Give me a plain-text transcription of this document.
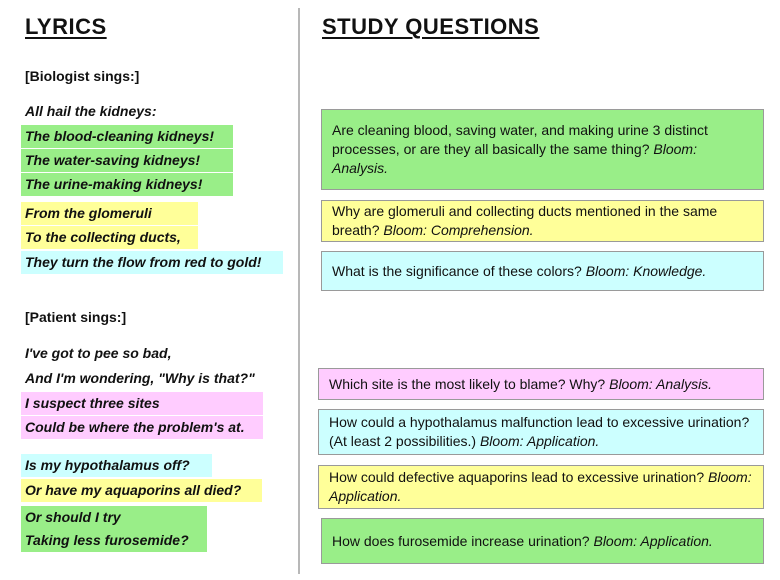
LYRICS	STUDY QUESTIONS
[Biologist sings:]
[Patient sings:]
All hail the kidneys:
The blood-cleaning kidneys!
The water-saving kidneys!
The urine-making kidneys!
From the glomeruli
To the collecting ducts,
They turn the flow from red to gold!
I've got to pee so bad,
And I'm wondering, "Why is that?"
I suspect three sites
Could be where the problem's at.
Is my hypothalamus off?
Or have my aquaporins all died?
Or should I try
Taking less furosemide?
Are cleaning blood, saving water, and making urine 3 distinct processes, or are they all basically the same thing? Bloom: Analysis.
Why are glomeruli and collecting ducts mentioned in the same breath? Bloom: Comprehension.
What is the significance of these colors? Bloom: Knowledge.
Which site is the most likely to blame? Why? Bloom: Analysis.
How could a hypothalamus malfunction lead to excessive urination? (At least 2 possibilities.) Bloom: Application.
How could defective aquaporins lead to excessive urination? Bloom: Application.
How does furosemide increase urination? Bloom: Application.
